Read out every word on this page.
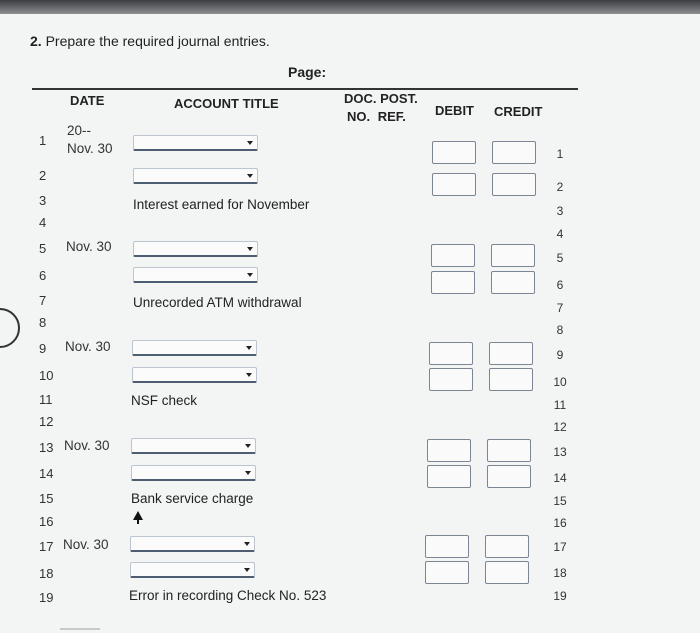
2. Prepare the required journal entries.
Page:
DATE	ACCOUNT TITLE	DOC. POST.
NO. REF. DEBIT CREDIT
1
2
3
4
5
6
7
8
9
10
11
12
13
14
15
16
17
18
19
1
2
3
4
5
6
7
8
9
10
11
12
13
14
15
16
17
18
19
20--
Nov. 30
Nov. 30
Nov. 30
Nov. 30
Nov. 30
Interest earned for November
Unrecorded ATM withdrawal
NSF check
Bank service charge
Error in recording Check No. 523
